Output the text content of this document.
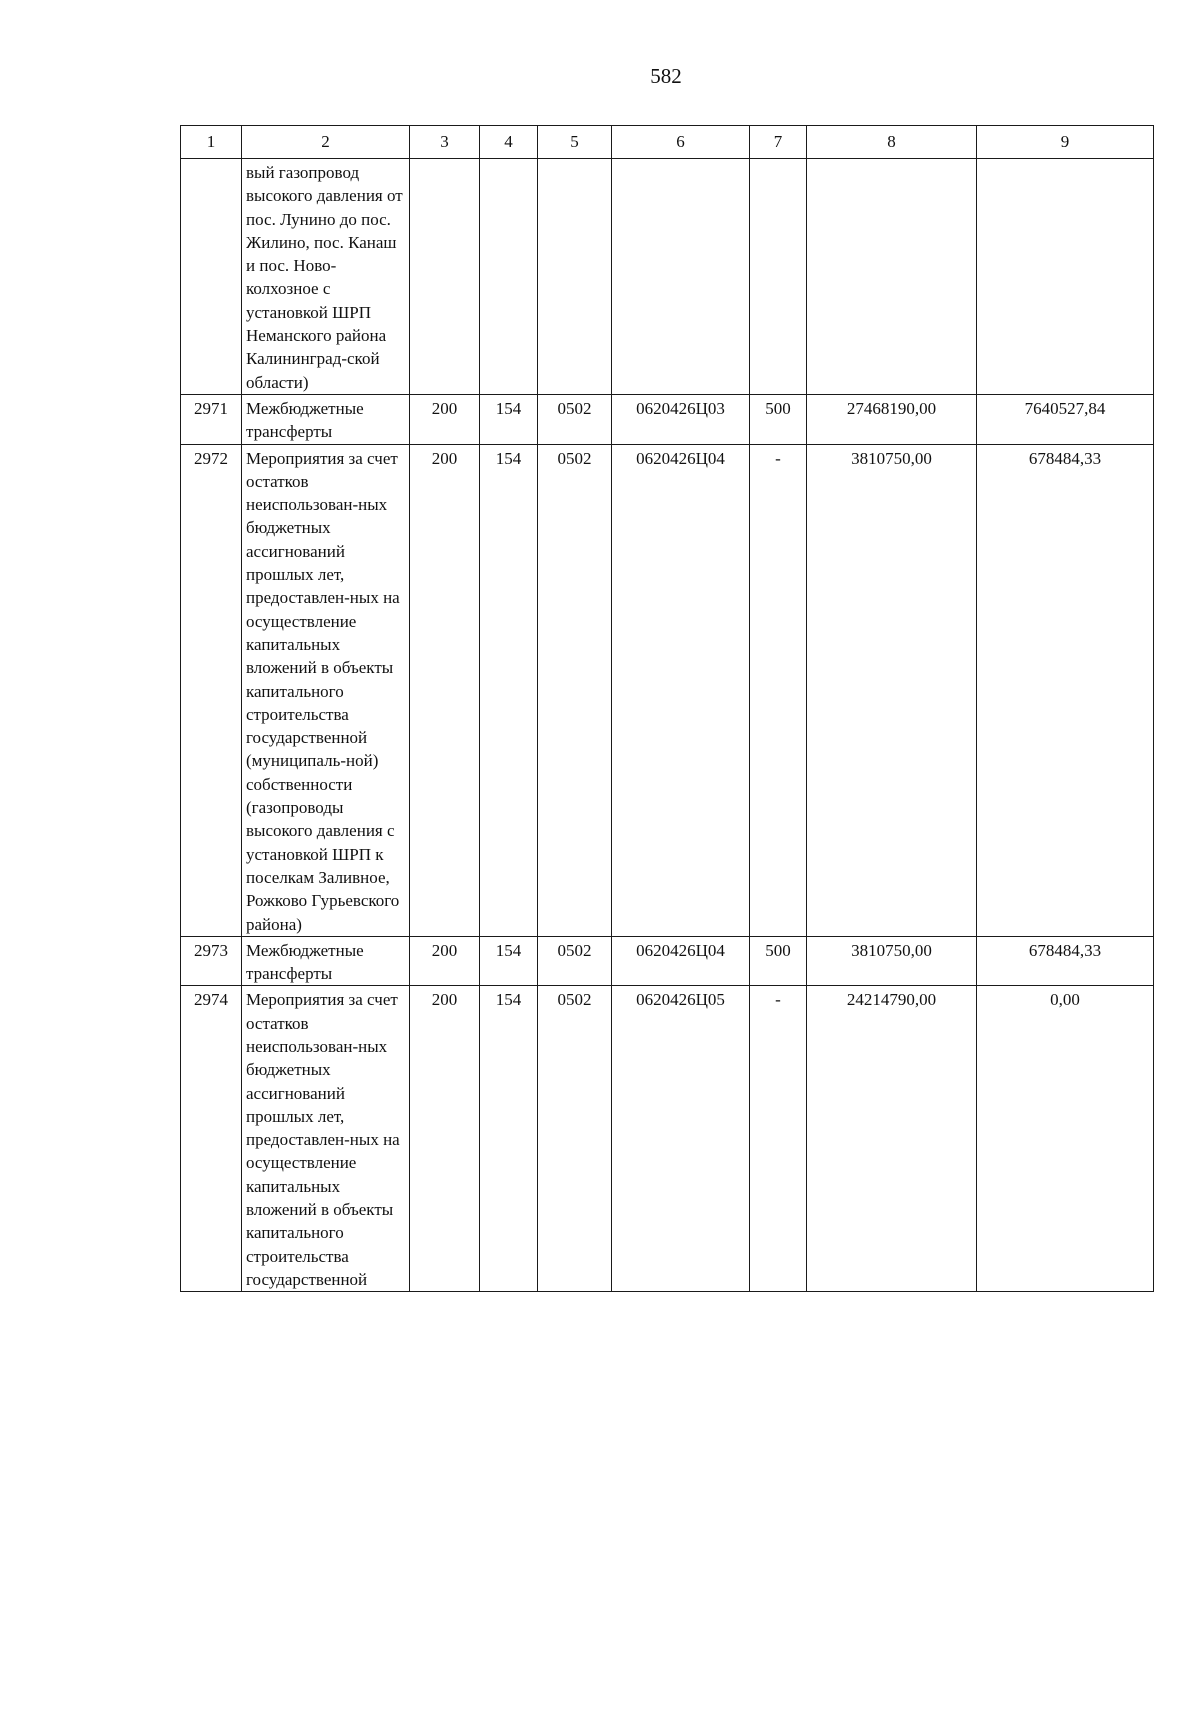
582
1	2	3	4	5	6	7	8	9
	вый газопровод высокого давления от пос. Лунино до пос. Жилино, пос. Канаш и пос. Ново-колхозное с установкой ШРП Неманского района Калининград-ской области)							
2971	Межбюджетные трансферты	200	154	0502	0620426Ц03	500	27468190,00	7640527,84
2972	Мероприятия за счет остатков неиспользован-ных бюджетных ассигнований прошлых лет, предоставлен-ных на осуществление капитальных вложений в объекты капитального строительства государственной (муниципаль-ной) собственности (газопроводы высокого давления с установкой ШРП к поселкам Заливное, Рожково Гурьевского района)	200	154	0502	0620426Ц04	-	3810750,00	678484,33
2973	Межбюджетные трансферты	200	154	0502	0620426Ц04	500	3810750,00	678484,33
2974	Мероприятия за счет остатков неиспользован-ных бюджетных ассигнований прошлых лет, предоставлен-ных на осуществление капитальных вложений в объекты капитального строительства государственной	200	154	0502	0620426Ц05	-	24214790,00	0,00
